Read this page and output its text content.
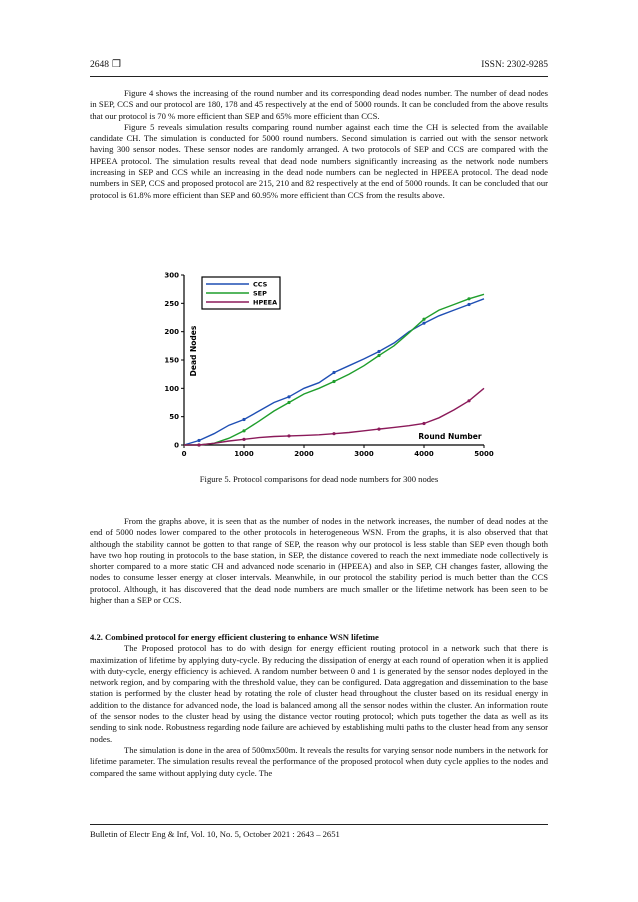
2648 ❒	ISSN: 2302-9285

Figure 4 shows the increasing of the round number and its corresponding dead nodes number. The number of dead nodes in SEP, CCS and our protocol are 180, 178 and 45 respectively at the end of 5000 rounds. It can be concluded from the above results that our protocol is 70 % more efficient than SEP and 65% more efficient than CCS.

Figure 5 reveals simulation results comparing round number against each time the CH is selected from the available candidate CH. The simulation is conducted for 5000 round numbers. Second simulation is carried out with the sensor network having 300 sensor nodes. These sensor nodes are randomly arranged. A two protocols of SEP and CCS are compared with the HPEEA protocol. The simulation results reveal that dead node numbers significantly increasing as the network node numbers increasing in SEP and CCS while an increasing in the dead node numbers can be neglected in HPEEA protocol. The dead node numbers in SEP, CCS and proposed protocol are 215, 210 and 82 respectively at the end of 5000 rounds. It can be concluded that our protocol is 61.8% more efficient than SEP and 60.95% more efficient than CCS from the results above.

0
50
100
150
200
250
300
0	1000	2000	3000	4000	5000
Dead Nodes
Round Number
CCS
SEP
HPEEA
Figure 5. Protocol comparisons for dead node numbers for 300 nodes

From the graphs above, it is seen that as the number of nodes in the network increases, the number of dead nodes at the end of 5000 nodes lower compared to the other protocols in heterogeneous WSN. From the graphs, it is also observed that that although the stability cannot be gotten to that range of SEP, the reason why our protocol is less stable than SEP even though both have two hop routing in protocols to the base station, in SEP, the distance covered to reach the next immediate node collectively is shorter compared to a more static CH and advanced node scenario in (HPEEA) and also in SEP, CH changes faster, allowing the nodes to consume lesser energy at closer intervals. Meanwhile, in our protocol the stability period is much better than the CCS protocol. Although, it has discovered that the dead node numbers are much smaller or the lifetime network has been seen to be higher than a SEP or CCS.

4.2. Combined protocol for energy efficient clustering to enhance WSN lifetime

The Proposed protocol has to do with design for energy efficient routing protocol in a network such that there is maximization of lifetime by applying duty-cycle. By reducing the dissipation of energy at each round of operation when it is applied with duty-cycle, energy efficiency is achieved. A random number between 0 and 1 is generated by the sensor nodes deployed in the network region, and by comparing with the threshold value, they can be configured. Data aggregation and dissemination to the base station is performed by the cluster head by rotating the role of cluster head throughout the cluster based on its residual energy in addition to the distance for advanced node, the load is balanced among all the sensor nodes within the cluster. An information route of the sensor nodes to the cluster head by using the distance vector routing protocol; which puts together the data as well as its sending to sink node. Robustness regarding node failure are achieved by establishing multi paths to the cluster head from any sensor nodes.

The simulation is done in the area of 500mx500m. It reveals the results for varying sensor node numbers in the network for lifetime parameter. The simulation results reveal the performance of the proposed protocol when duty cycle applies to the nodes and compared the same without applying duty cycle. The

Bulletin of Electr Eng & Inf, Vol. 10, No. 5, October 2021 : 2643 – 2651
